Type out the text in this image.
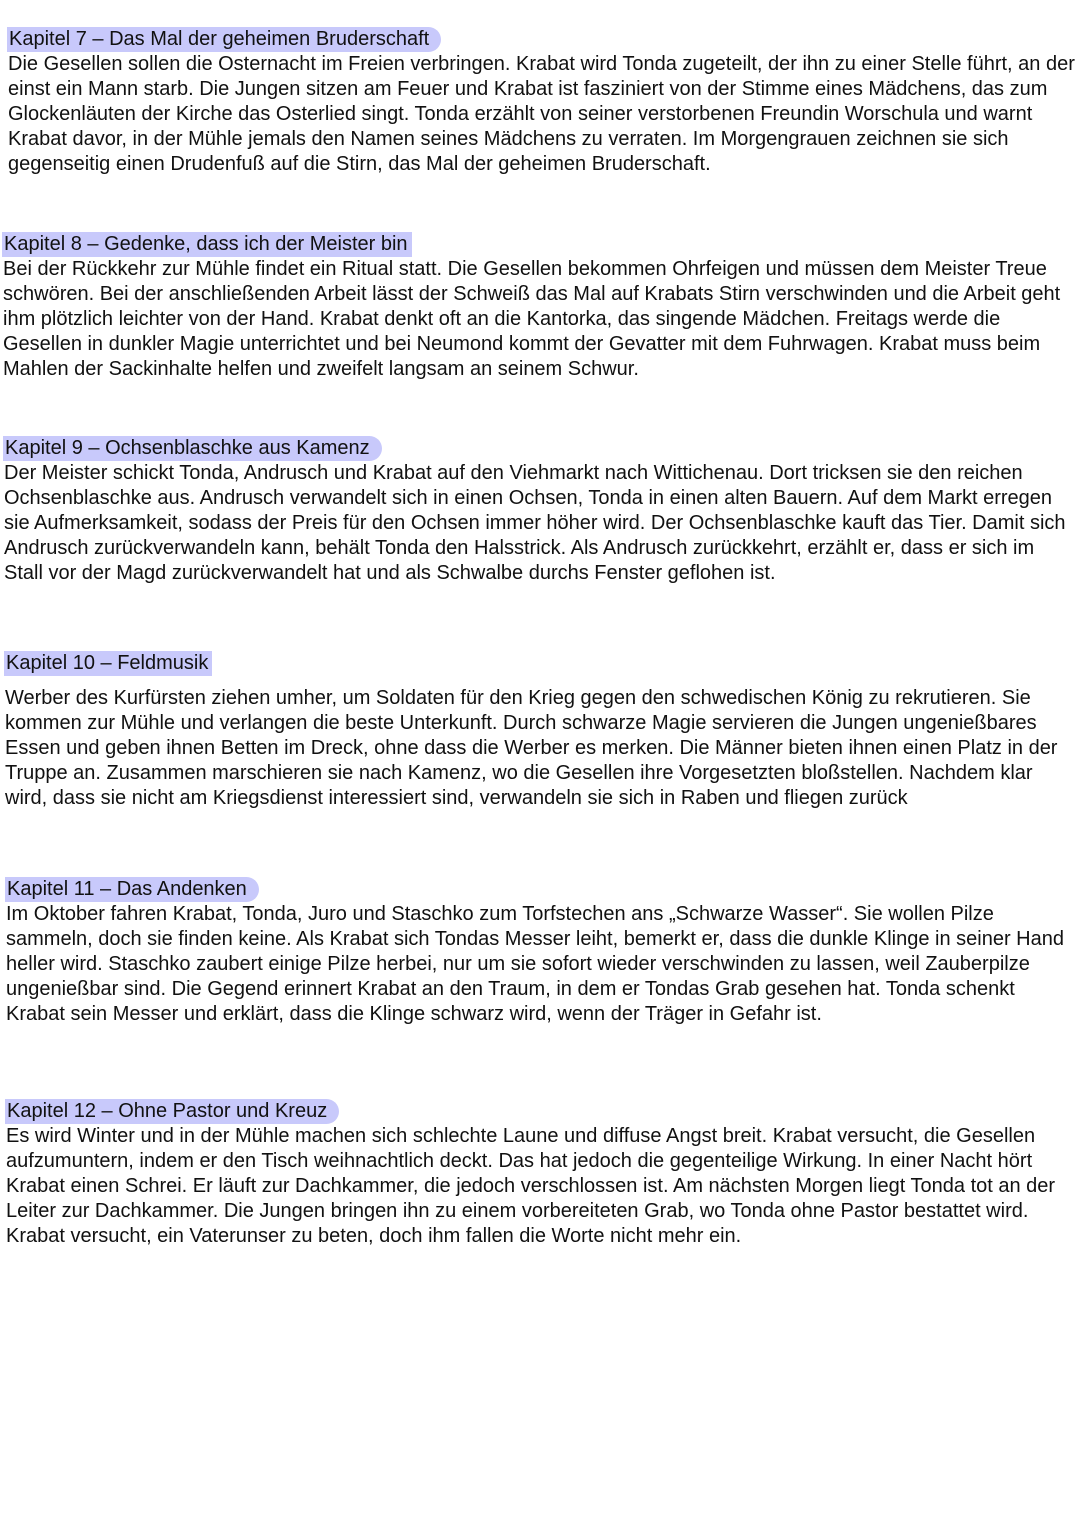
Kapitel 7 – Das Mal der geheimen Bruderschaft

Die Gesellen sollen die Osternacht im Freien verbringen. Krabat wird Tonda zugeteilt, der ihn zu einer Stelle führt, an der einst ein Mann starb. Die Jungen sitzen am Feuer und Krabat ist fasziniert von der Stimme eines Mädchens, das zum Glockenläuten der Kirche das Osterlied singt. Tonda erzählt von seiner verstorbenen Freundin Worschula und warnt Krabat davor, in der Mühle jemals den Namen seines Mädchens zu verraten. Im Morgengrauen zeichnen sie sich gegenseitig einen Drudenfuß auf die Stirn, das Mal der geheimen Bruderschaft.

Kapitel 8 – Gedenke, dass ich der Meister bin

Bei der Rückkehr zur Mühle findet ein Ritual statt. Die Gesellen bekommen Ohrfeigen und müssen dem Meister Treue schwören. Bei der anschließenden Arbeit lässt der Schweiß das Mal auf Krabats Stirn verschwinden und die Arbeit geht ihm plötzlich leichter von der Hand. Krabat denkt oft an die Kantorka, das singende Mädchen. Freitags werde die Gesellen in dunkler Magie unterrichtet und bei Neumond kommt der Gevatter mit dem Fuhrwagen. Krabat muss beim Mahlen der Sackinhalte helfen und zweifelt langsam an seinem Schwur.

Kapitel 9 – Ochsenblaschke aus Kamenz

Der Meister schickt Tonda, Andrusch und Krabat auf den Viehmarkt nach Wittichenau. Dort tricksen sie den reichen Ochsenblaschke aus. Andrusch verwandelt sich in einen Ochsen, Tonda in einen alten Bauern. Auf dem Markt erregen sie Aufmerksamkeit, sodass der Preis für den Ochsen immer höher wird. Der Ochsenblaschke kauft das Tier. Damit sich Andrusch zurückverwandeln kann, behält Tonda den Halsstrick. Als Andrusch zurückkehrt, erzählt er, dass er sich im Stall vor der Magd zurückverwandelt hat und als Schwalbe durchs Fenster geflohen ist.

Kapitel 10 – Feldmusik

Werber des Kurfürsten ziehen umher, um Soldaten für den Krieg gegen den schwedischen König zu rekrutieren. Sie kommen zur Mühle und verlangen die beste Unterkunft. Durch schwarze Magie servieren die Jungen ungenießbares Essen und geben ihnen Betten im Dreck, ohne dass die Werber es merken. Die Männer bieten ihnen einen Platz in der Truppe an. Zusammen marschieren sie nach Kamenz, wo die Gesellen ihre Vorgesetzten bloßstellen. Nachdem klar wird, dass sie nicht am Kriegsdienst interessiert sind, verwandeln sie sich in Raben und fliegen zurück

Kapitel 11 – Das Andenken

Im Oktober fahren Krabat, Tonda, Juro und Staschko zum Torfstechen ans „Schwarze Wasser“. Sie wollen Pilze sammeln, doch sie finden keine. Als Krabat sich Tondas Messer leiht, bemerkt er, dass die dunkle Klinge in seiner Hand heller wird. Staschko zaubert einige Pilze herbei, nur um sie sofort wieder verschwinden zu lassen, weil Zauberpilze ungenießbar sind. Die Gegend erinnert Krabat an den Traum, in dem er Tondas Grab gesehen hat. Tonda schenkt Krabat sein Messer und erklärt, dass die Klinge schwarz wird, wenn der Träger in Gefahr ist.

Kapitel 12 – Ohne Pastor und Kreuz

Es wird Winter und in der Mühle machen sich schlechte Laune und diffuse Angst breit. Krabat versucht, die Gesellen aufzumuntern, indem er den Tisch weihnachtlich deckt. Das hat jedoch die gegenteilige Wirkung. In einer Nacht hört Krabat einen Schrei. Er läuft zur Dachkammer, die jedoch verschlossen ist. Am nächsten Morgen liegt Tonda tot an der Leiter zur Dachkammer. Die Jungen bringen ihn zu einem vorbereiteten Grab, wo Tonda ohne Pastor bestattet wird. Krabat versucht, ein Vaterunser zu beten, doch ihm fallen die Worte nicht mehr ein.
